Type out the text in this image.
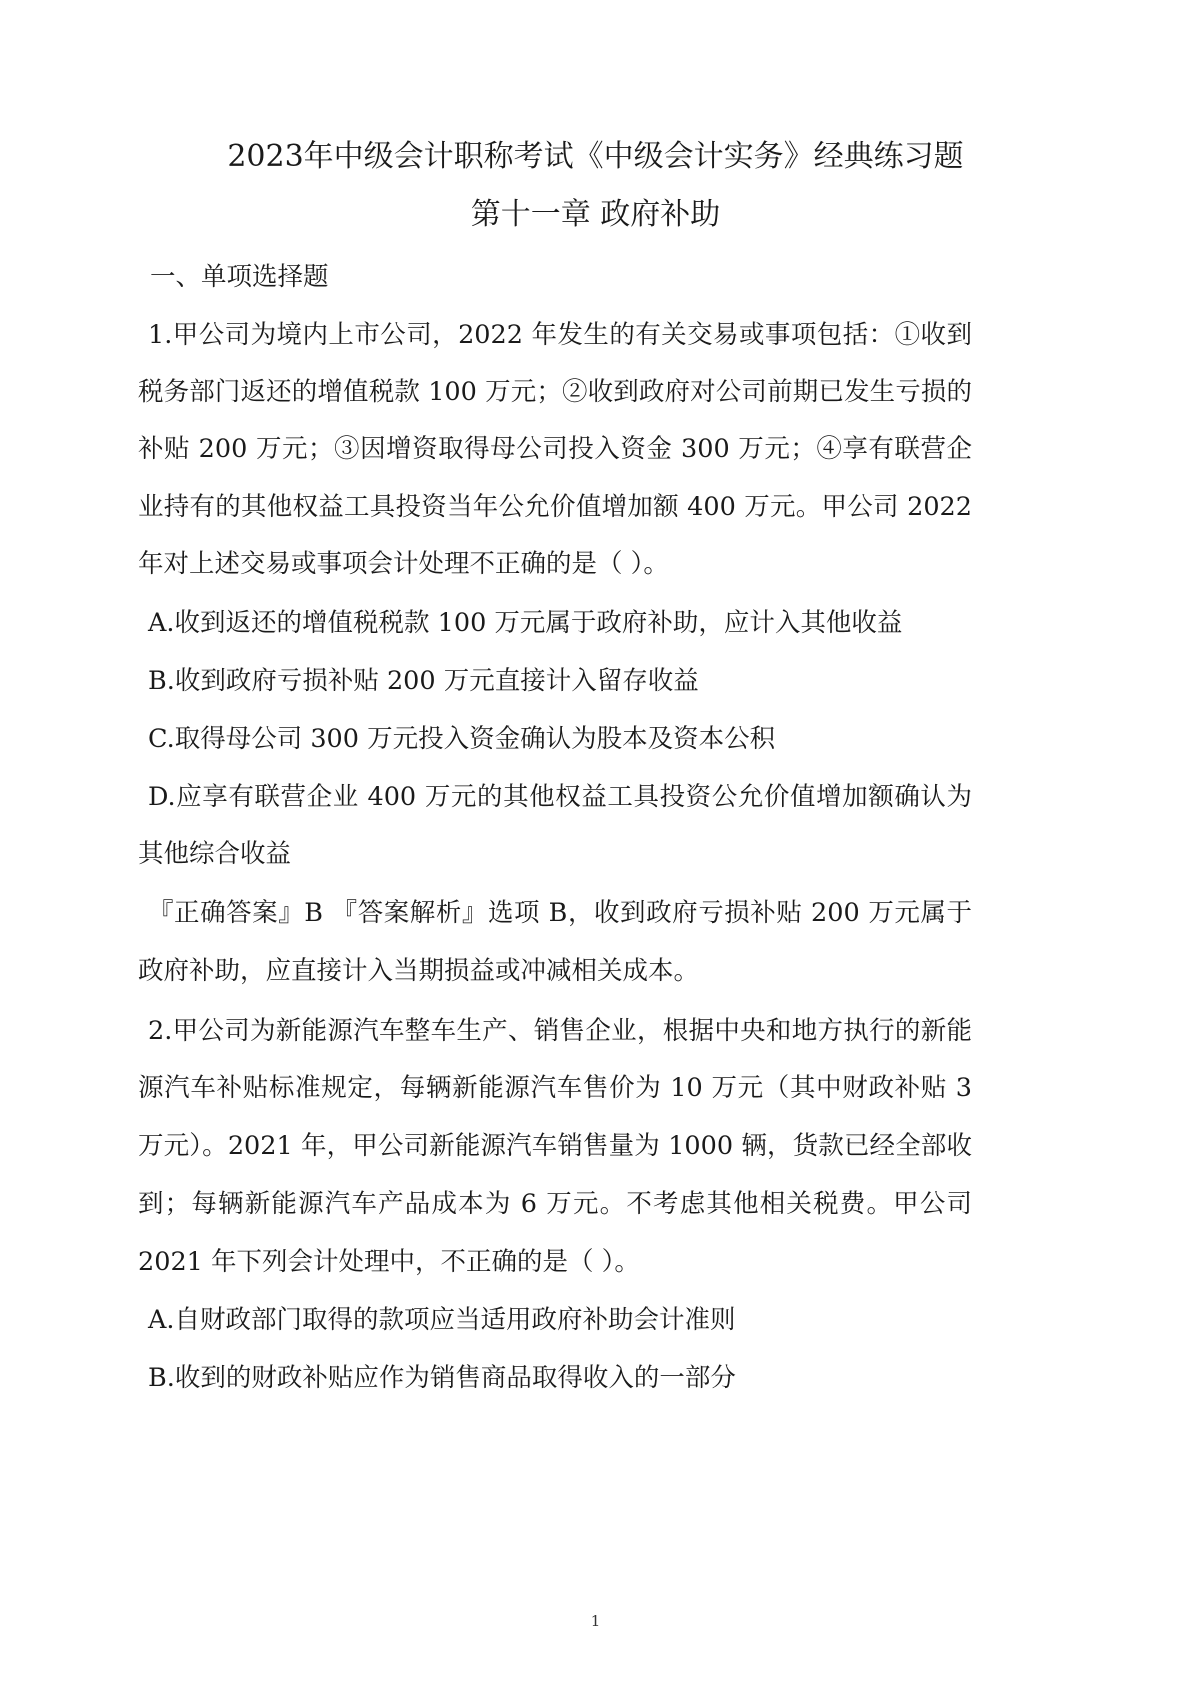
2023年中级会计职称考试《中级会计实务》经典练习题
第十一章 政府补助
一、单项选择题
1.甲公司为境内上市公司，2022 年发生的有关交易或事项包括：①收到
税务部门返还的增值税款 100 万元；②收到政府对公司前期已发生亏损的
补贴 200 万元；③因增资取得母公司投入资金 300 万元；④享有联营企
业持有的其他权益工具投资当年公允价值增加额 400 万元。甲公司 2022
年对上述交易或事项会计处理不正确的是（ ）。
A.收到返还的增值税税款 100 万元属于政府补助，应计入其他收益
B.收到政府亏损补贴 200 万元直接计入留存收益
C.取得母公司 300 万元投入资金确认为股本及资本公积
D.应享有联营企业 400 万元的其他权益工具投资公允价值增加额确认为
其他综合收益
『正确答案』B 『答案解析』选项 B，收到政府亏损补贴 200 万元属于
政府补助，应直接计入当期损益或冲减相关成本。
2.甲公司为新能源汽车整车生产、销售企业，根据中央和地方执行的新能
源汽车补贴标准规定，每辆新能源汽车售价为 10 万元（其中财政补贴 3
万元）。2021 年，甲公司新能源汽车销售量为 1000 辆，货款已经全部收
到；每辆新能源汽车产品成本为 6 万元。不考虑其他相关税费。甲公司
2021 年下列会计处理中，不正确的是（ ）。
A.自财政部门取得的款项应当适用政府补助会计准则
B.收到的财政补贴应作为销售商品取得收入的一部分
1
